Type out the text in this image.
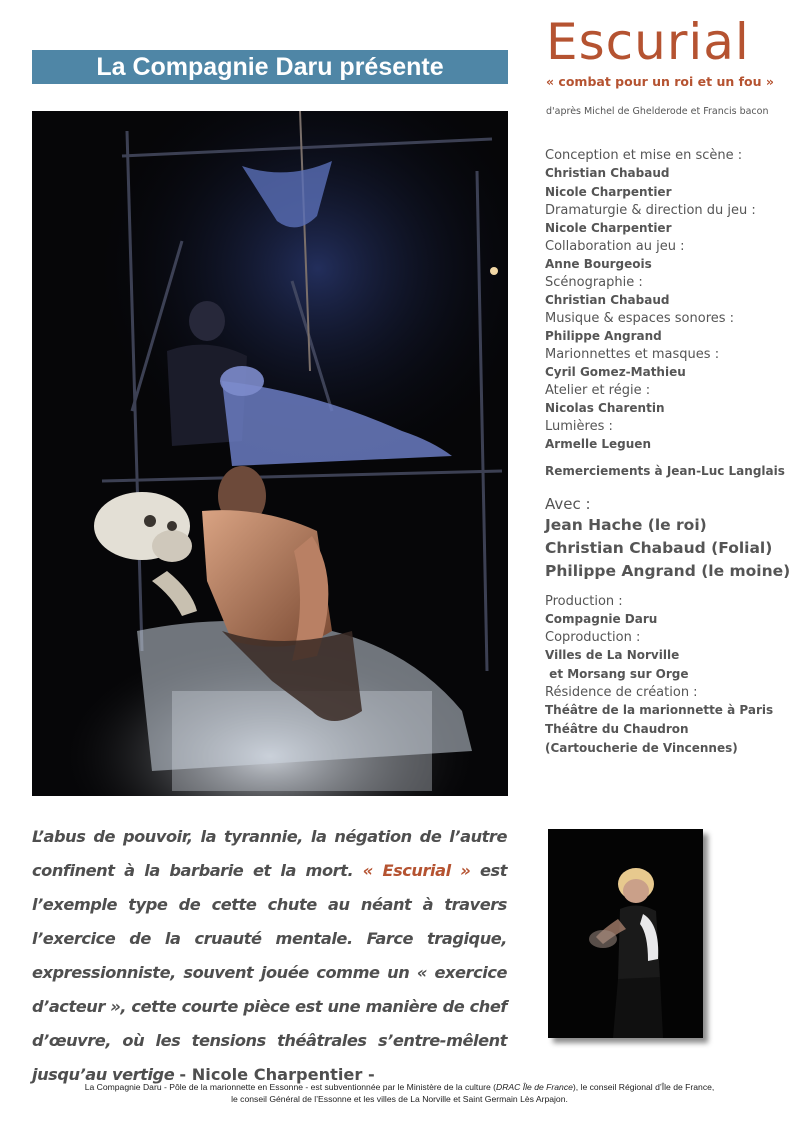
La Compagnie Daru présente	Escurial
« combat pour un roi et un fou »
d'après Michel de Ghelderode et Francis bacon
Conception et mise en scène :
Christian Chabaud
Nicole Charpentier
Dramaturgie & direction du jeu :
Nicole Charpentier
Collaboration au jeu :
Anne Bourgeois
Scénographie :
Christian Chabaud
Musique & espaces sonores :
Philippe Angrand
Marionnettes et masques :
Cyril Gomez-Mathieu
Atelier et régie :
Nicolas Charentin
Lumières :
Armelle Leguen
Remerciements à Jean-Luc Langlais
Avec :
Jean Hache (le roi)
Christian Chabaud (Folial)
Philippe Angrand (le moine)
Production :
Compagnie Daru
Coproduction :
Villes de La Norville
et Morsang sur Orge
Résidence de création :
Théâtre de la marionnette à Paris
Théâtre du Chaudron
(Cartoucherie de Vincennes)
L’abus de pouvoir, la tyrannie, la négation de l’autre confinent à la barbarie et la mort. « Escurial » est l’exemple type de cette chute au néant à travers l’exercice de la cruauté mentale. Farce tragique, expressionniste, souvent jouée comme un « exercice d’acteur », cette courte pièce est une manière de chef d’œuvre, où les tensions théâtrales s’entre-mêlent jusqu’au vertige - Nicole Charpentier -
La Compagnie Daru - Pôle de la marionnette en Essonne - est subventionnée par le Ministère de la culture (DRAC Île de France), le conseil Régional d’Île de France,
le conseil Général de l’Essonne et les villes de La Norville et Saint Germain Lès Arpajon.
